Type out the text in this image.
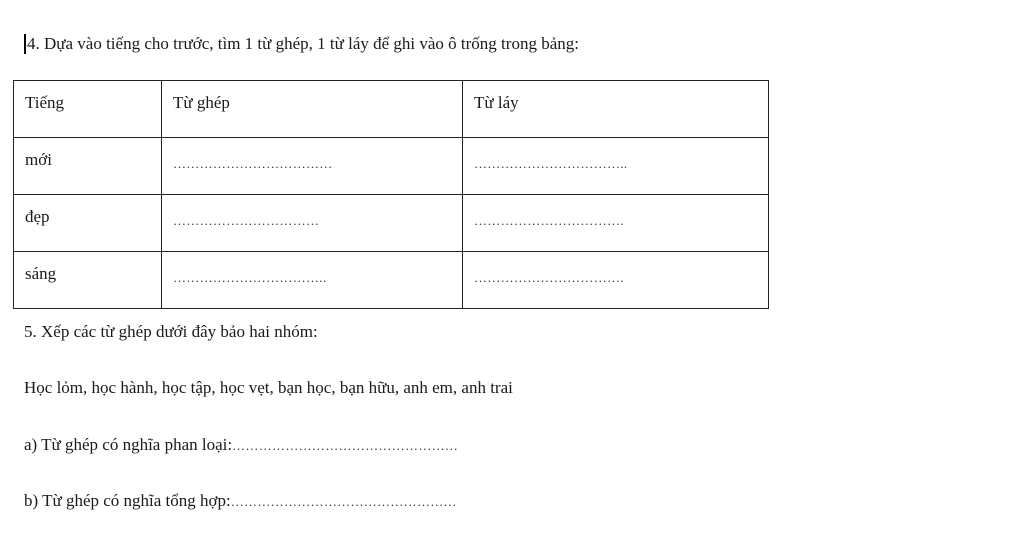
4. Dựa vào tiếng cho trước, tìm 1 từ ghép, 1 từ láy để ghi vào ô trống trong bảng:
Tiếng	Từ ghép	Từ láy

mới	………………………………	……………………………..

đẹp	……………………………	…………………………….

sáng	……………………………..	…………………………….
5. Xếp các từ ghép dưới đây bảo hai nhóm:
Học lỏm, học hành, học tập, học vẹt, bạn học, bạn hữu, anh em, anh trai
a) Từ ghép có nghĩa phan loại:……………………………………………
b) Từ ghép có nghĩa tổng hợp:……………………………………………
